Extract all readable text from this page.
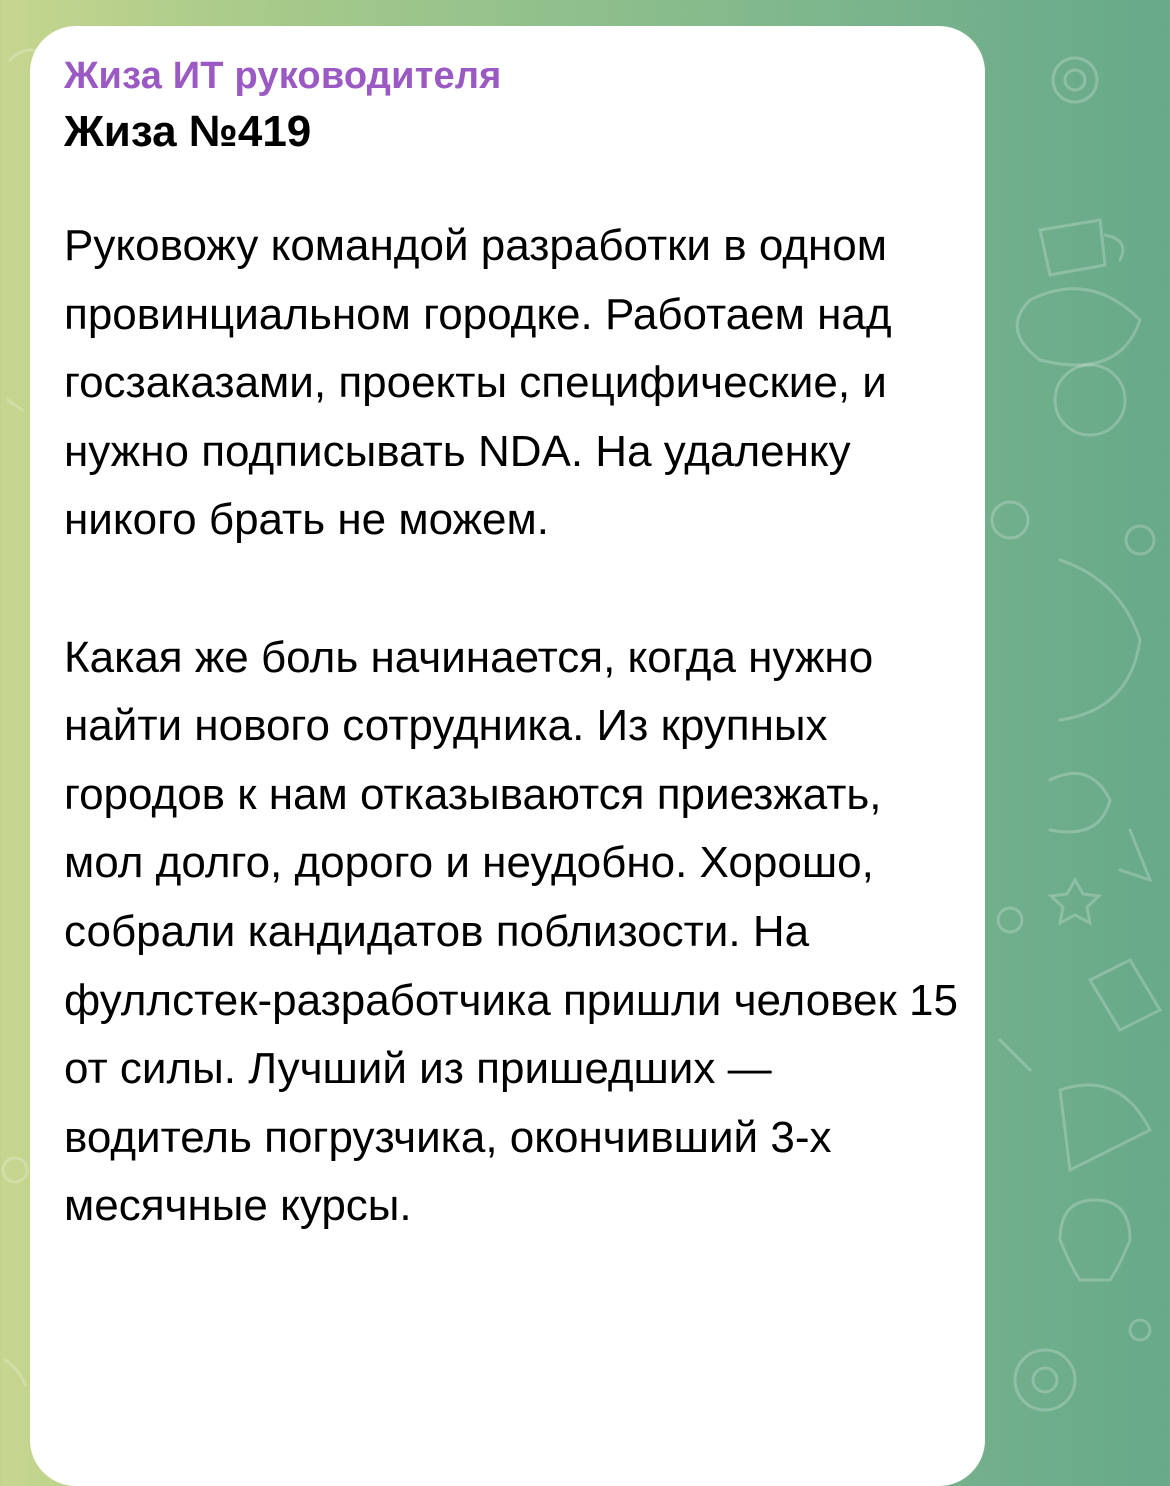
Жиза ИТ руководителя
Жиза №419

Руковожу командой разработки в одном провинциальном городке. Работаем над госзаказами, проекты специфические, и нужно подписывать NDA. На удаленку никого брать не можем.

Какая же боль начинается, когда нужно найти нового сотрудника. Из крупных городов к нам отказываются приезжать, мол долго, дорого и неудобно. Хорошо, собрали кандидатов поблизости. На фуллстек-разработчика пришли человек 15 от силы. Лучший из пришедших — водитель погрузчика, окончивший 3-х месячные курсы.
